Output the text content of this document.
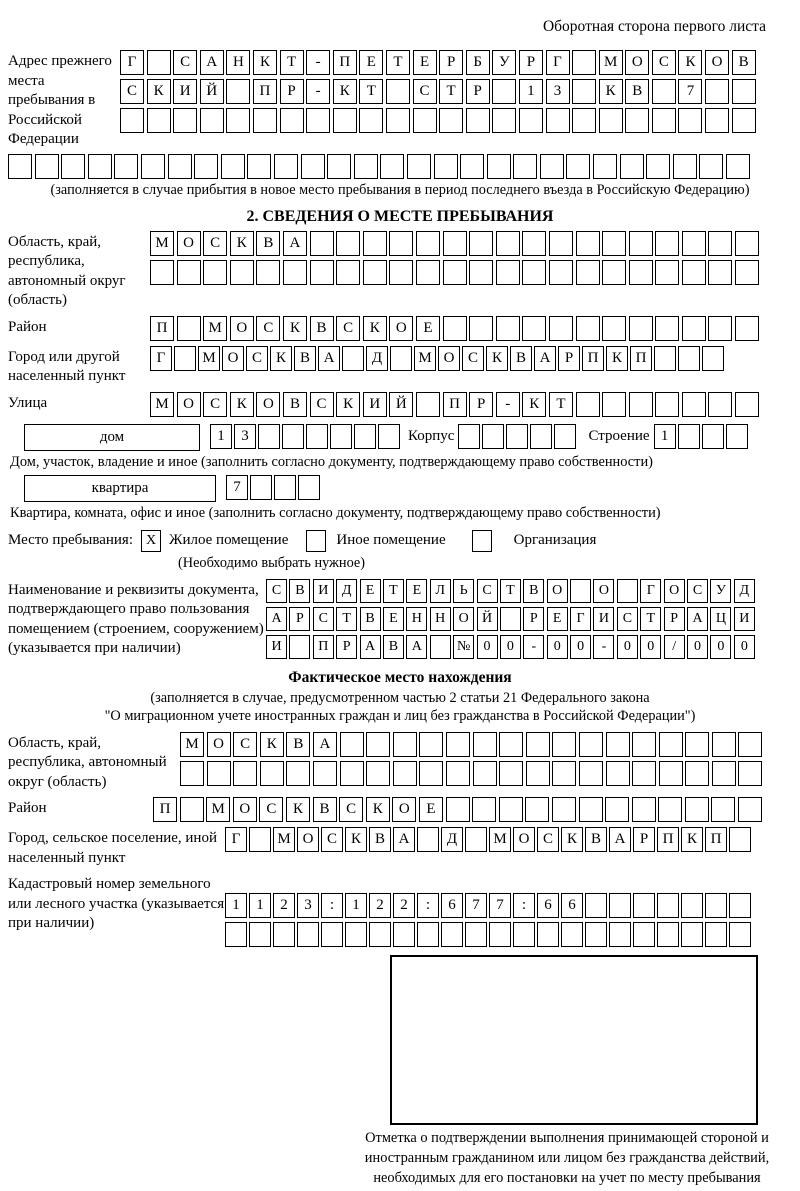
Оборотная сторона первого листа
Адрес прежнего места пребывания в Российской Федерации
Г	С	А	Н	К	Т	-	П	Е	Т	Е	Р	Б	У	Р	Г	М О	С	К	О	В
С	К	И	Й	П	Р	-	К	Т	С	Т	Р	1	3	К	В	7
(заполняется в случае прибытия в новое место пребывания в период последнего въезда в Российскую Федерацию)
2. СВЕДЕНИЯ О МЕСТЕ ПРЕБЫВАНИЯ
Область, край, республика, автономный округ (область)
М О	С	К	В	А
Район	П	М О	С	К	В	С	К	О	Е
Город или другой населенный пункт
Г	М О С К В А	Д	М О С К В А Р П К П
Улица	М О	С	К	О	В	С	К	И	Й	П	Р	-	К	Т
дом	1	3	Корпус	Строение 1
Дом, участок, владение и иное (заполнить согласно документу, подтверждающему право собственности)
квартира	7
Квартира, комната, офис и иное (заполнить согласно документу, подтверждающему право собственности)
Место пребывания: X Жилое помещение	Иное помещение	Организация
(Необходимо выбрать нужное)
Наименование и реквизиты документа, подтверждающего право пользования помещением (строением, сооружением) (указывается при наличии)
С	В И Д	Е	Т	Е	Л	Ь	С	Т	В О	О	Г	О С У Д
А	Р	С	Т	В	Е	Н Н О Й	Р	Е	Г	И С	Т	Р	А Ц И
И	П	Р	А В А	№ 0	0	-	0	0	-	0	0	/	0	0	0
Фактическое место нахождения
(заполняется в случае, предусмотренном частью 2 статьи 21 Федерального закона
"О миграционном учете иностранных граждан и лиц без гражданства в Российской Федерации")
Область, край, республика, автономный округ (область)
М О	С	К	В	А
Район	П	М О	С	К	В	С	К	О	Е
Город, сельское поселение, иной населенный пункт
Г	М О С К В А	Д	М О С К В А Р П К П
Кадастровый номер земельного или лесного участка (указывается при наличии)
1	1	2	3	:	1	2	2	:	6	7	7	:	6	6
Отметка о подтверждении выполнения принимающей стороной и иностранным гражданином или лицом без гражданства действий, необходимых для его постановки на учет по месту пребывания
